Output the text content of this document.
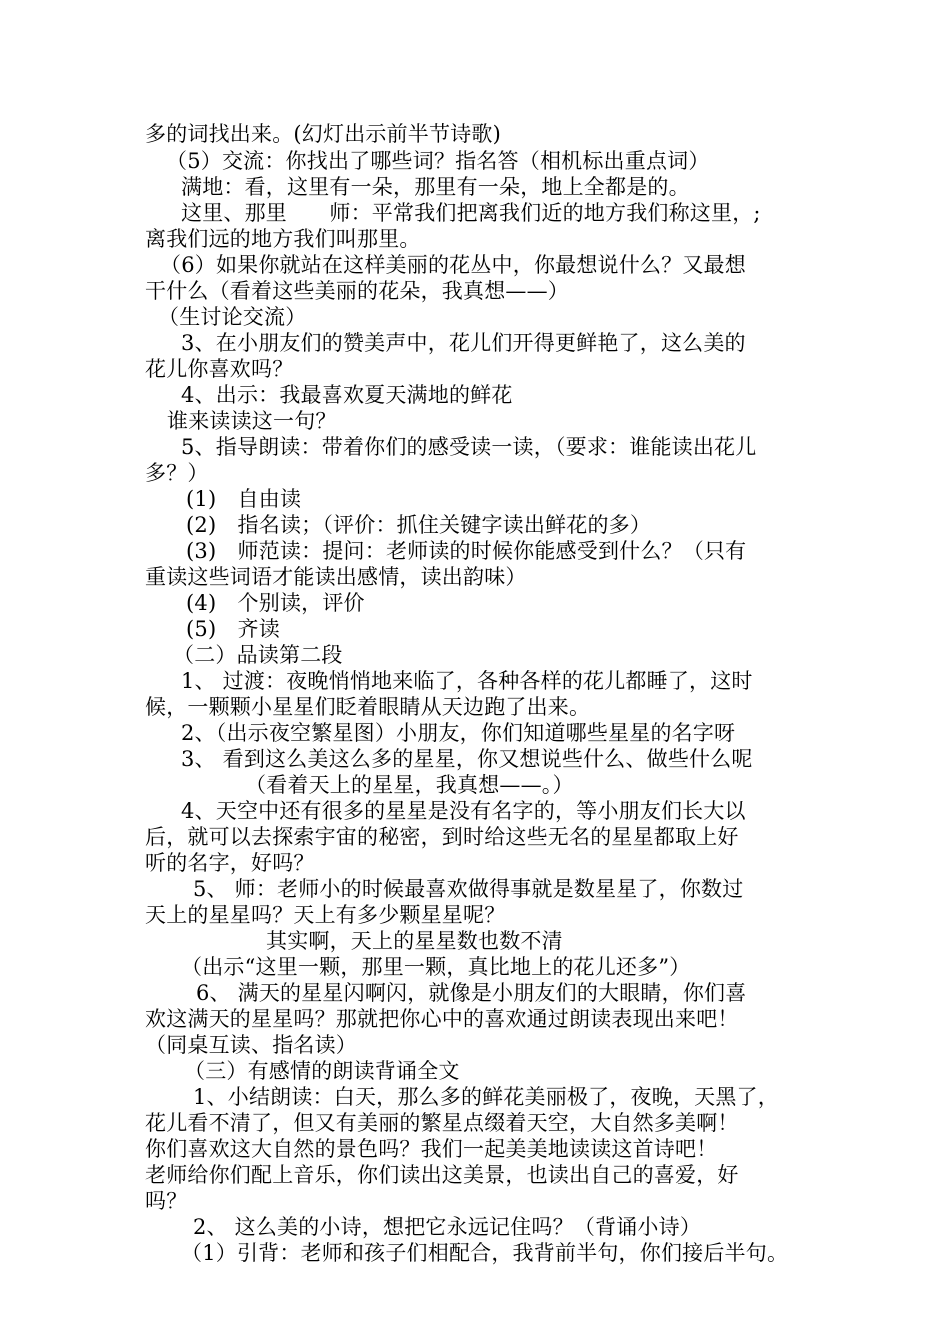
多的词找出来。(幻灯出示前半节诗歌)
（5）交流：你找出了哪些词？指名答（相机标出重点词）
满地：看，这里有一朵，那里有一朵，地上全都是的。
这里、那里　　师：平常我们把离我们近的地方我们称这里，;
离我们远的地方我们叫那里。
（6）如果你就站在这样美丽的花丛中，你最想说什么？又最想
干什么（看着这些美丽的花朵，我真想——）
（生讨论交流）
3、在小朋友们的赞美声中，花儿们开得更鲜艳了，这么美的
花儿你喜欢吗？
4、出示：我最喜欢夏天满地的鲜花
谁来读读这一句？
5、指导朗读：带着你们的感受读一读，（要求：谁能读出花儿
多？）
(1)　自由读
(2)　指名读；（评价：抓住关键字读出鲜花的多）
(3)　师范读：提问：老师读的时候你能感受到什么？（只有
重读这些词语才能读出感情，读出韵味）
(4)　个别读，评价
(5)　齐读
（二）品读第二段
1、 过渡：夜晚悄悄地来临了，各种各样的花儿都睡了，这时
候，一颗颗小星星们眨着眼睛从天边跑了出来。
2、（出示夜空繁星图）小朋友，你们知道哪些星星的名字呀
3、 看到这么美这么多的星星，你又想说些什么、做些什么呢
（看着天上的星星，我真想——。）
4、天空中还有很多的星星是没有名字的，等小朋友们长大以
后，就可以去探索宇宙的秘密，到时给这些无名的星星都取上好
听的名字，好吗？
5、 师：老师小的时候最喜欢做得事就是数星星了，你数过
天上的星星吗？天上有多少颗星星呢？
其实啊，天上的星星数也数不清
（出示“这里一颗，那里一颗，真比地上的花儿还多”）
6、 满天的星星闪啊闪，就像是小朋友们的大眼睛，你们喜
欢这满天的星星吗？那就把你心中的喜欢通过朗读表现出来吧！
（同桌互读、指名读）
（三）有感情的朗读背诵全文
1、小结朗读：白天，那么多的鲜花美丽极了，夜晚，天黑了，
花儿看不清了，但又有美丽的繁星点缀着天空，大自然多美啊！
你们喜欢这大自然的景色吗？我们一起美美地读读这首诗吧！
老师给你们配上音乐，你们读出这美景，也读出自己的喜爱，好
吗？
2、 这么美的小诗，想把它永远记住吗？（背诵小诗）
（1）引背：老师和孩子们相配合，我背前半句，你们接后半句。
